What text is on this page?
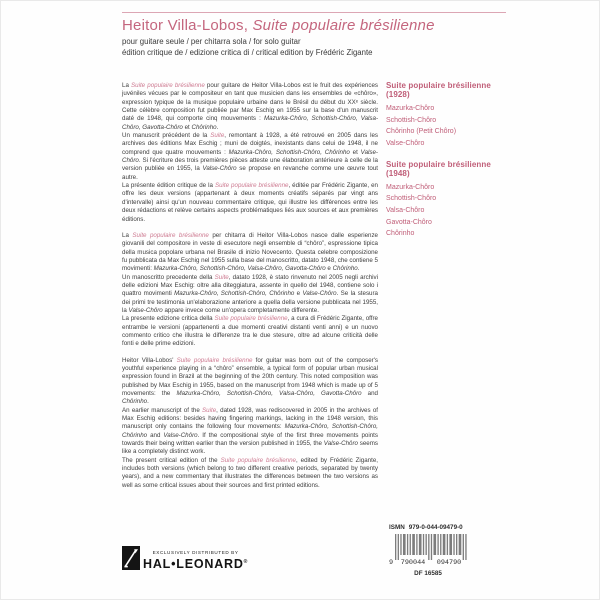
Heitor Villa-Lobos, Suite populaire brésilienne
pour guitare seule / per chitarra sola / for solo guitar
édition critique de / edizione critica di / critical edition by Frédéric Zigante

La Suite populaire brésilienne pour guitare de Heitor Villa-Lobos est le fruit des expériences juvéniles vécues par le compositeur en tant que musicien dans les ensembles de «chôro», expression typique de la musique populaire urbaine dans le Brésil du début du XXᵉ siècle. Cette célèbre composition fut publiée par Max Eschig en 1955 sur la base d'un manuscrit daté de 1948, qui comporte cinq mouvements : Mazurka-Chôro, Schottish-Chôro, Valsa-Chôro, Gavotta-Chôro et Chôrinho.

Un manuscrit précédent de la Suite, remontant à 1928, a été retrouvé en 2005 dans les archives des éditions Max Eschig ; muni de doigtés, inexistants dans celui de 1948, il ne comprend que quatre mouvements : Mazurka-Chôro, Schottish-Chôro, Chôrinho et Valse-Chôro. Si l'écriture des trois premières pièces atteste une élaboration antérieure à celle de la version publiée en 1955, la Valse-Chôro se propose en revanche comme une œuvre tout autre.

La présente édition critique de la Suite populaire brésilienne, éditée par Frédéric Zigante, en offre les deux versions (appartenant à deux moments créatifs séparés par vingt ans d'intervalle) ainsi qu'un nouveau commentaire critique, qui illustre les différences entre les deux rédactions et relève certains aspects problématiques liés aux sources et aux premières éditions.

La Suite populaire brésilienne per chitarra di Heitor Villa-Lobos nasce dalle esperienze giovanili del compositore in veste di esecutore negli ensemble di “chôro”, espressione tipica della musica popolare urbana nel Brasile di inizio Novecento. Questa celebre composizione fu pubblicata da Max Eschig nel 1955 sulla base del manoscritto, datato 1948, che contiene 5 movimenti: Mazurka-Chôro, Schottish-Chôro, Valsa-Chôro, Gavotta-Chôro e Chôrinho.

Un manoscritto precedente della Suite, datato 1928, è stato rinvenuto nel 2005 negli archivi delle edizioni Max Eschig: oltre alla diteggiatura, assente in quello del 1948, contiene solo i quattro movimenti Mazurka-Chôro, Schottish-Chôro, Chôrinho e Valse-Chôro. Se la stesura dei primi tre testimonia un'elaborazione anteriore a quella della versione pubblicata nel 1955, la Valse-Chôro appare invece come un'opera completamente differente.

La presente edizione critica della Suite populaire brésilienne, a cura di Frédéric Zigante, offre entrambe le versioni (appartenenti a due momenti creativi distanti venti anni) e un nuovo commento critico che illustra le differenze tra le due stesure, oltre ad alcune criticità delle fonti e delle prime edizioni.

Heitor Villa-Lobos' Suite populaire brésilienne for guitar was born out of the composer's youthful experience playing in a “chôro” ensemble, a typical form of popular urban musical expression found in Brazil at the beginning of the 20th century. This noted composition was published by Max Eschig in 1955, based on the manuscript from 1948 which is made up of 5 movements: the Mazurka-Chôro, Schottish-Chôro, Valsa-Chôro, Gavotta-Chôro and Chôrinho.

An earlier manuscript of the Suite, dated 1928, was rediscovered in 2005 in the archives of Max Eschig editions: besides having fingering markings, lacking in the 1948 version, this manuscript only contains the following four movements: Mazurka-Chôro, Schottish-Chôro, Chôrinho and Valse-Chôro. If the compositional style of the first three movements points towards their being written earlier than the version published in 1955, the Valse-Chôro seems like a completely distinct work.

The present critical edition of the Suite populaire brésilienne, edited by Frédéric Zigante, includes both versions (which belong to two different creative periods, separated by twenty years), and a new commentary that illustrates the differences between the two versions as well as some critical issues about their sources and first printed editions.

Suite populaire brésilienne (1928)
Mazurka-Chôro
Schottish-Chôro
Chôrinho (Petit Chôro)
Valse-Chôro
Suite populaire brésilienne (1948)
Mazurka-Chôro
Schottish-Chôro
Valsa-Chôro
Gavotta-Chôro
Chôrinho
EXCLUSIVELY DISTRIBUTED BY
HAL•LEONARD®
ISMN 979-0-044-09479-0
9	790044	094790
DF 16585
